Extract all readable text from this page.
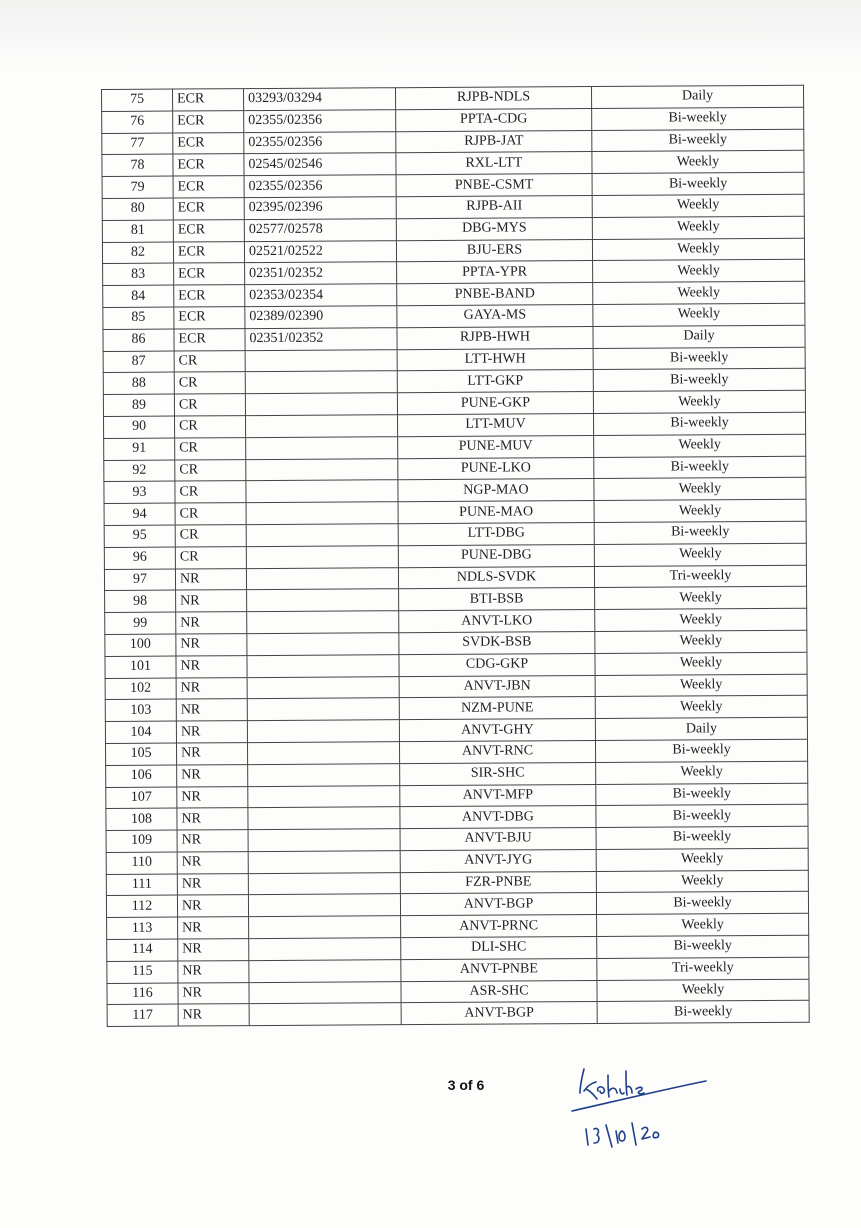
75	ECR	03293/03294	RJPB-NDLS	Daily
76	ECR	02355/02356	PPTA-CDG	Bi-weekly
77	ECR	02355/02356	RJPB-JAT	Bi-weekly
78	ECR	02545/02546	RXL-LTT	Weekly
79	ECR	02355/02356	PNBE-CSMT	Bi-weekly
80	ECR	02395/02396	RJPB-AII	Weekly
81	ECR	02577/02578	DBG-MYS	Weekly
82	ECR	02521/02522	BJU-ERS	Weekly
83	ECR	02351/02352	PPTA-YPR	Weekly
84	ECR	02353/02354	PNBE-BAND	Weekly
85	ECR	02389/02390	GAYA-MS	Weekly
86	ECR	02351/02352	RJPB-HWH	Daily
87	CR		LTT-HWH	Bi-weekly
88	CR		LTT-GKP	Bi-weekly
89	CR		PUNE-GKP	Weekly
90	CR		LTT-MUV	Bi-weekly
91	CR		PUNE-MUV	Weekly
92	CR		PUNE-LKO	Bi-weekly
93	CR		NGP-MAO	Weekly
94	CR		PUNE-MAO	Weekly
95	CR		LTT-DBG	Bi-weekly
96	CR		PUNE-DBG	Weekly
97	NR		NDLS-SVDK	Tri-weekly
98	NR		BTI-BSB	Weekly
99	NR		ANVT-LKO	Weekly
100	NR		SVDK-BSB	Weekly
101	NR		CDG-GKP	Weekly
102	NR		ANVT-JBN	Weekly
103	NR		NZM-PUNE	Weekly
104	NR		ANVT-GHY	Daily
105	NR		ANVT-RNC	Bi-weekly
106	NR		SIR-SHC	Weekly
107	NR		ANVT-MFP	Bi-weekly
108	NR		ANVT-DBG	Bi-weekly
109	NR		ANVT-BJU	Bi-weekly
110	NR		ANVT-JYG	Weekly
111	NR		FZR-PNBE	Weekly
112	NR		ANVT-BGP	Bi-weekly
113	NR		ANVT-PRNC	Weekly
114	NR		DLI-SHC	Bi-weekly
115	NR		ANVT-PNBE	Tri-weekly
116	NR		ASR-SHC	Weekly
117	NR		ANVT-BGP	Bi-weekly
3 of 6
